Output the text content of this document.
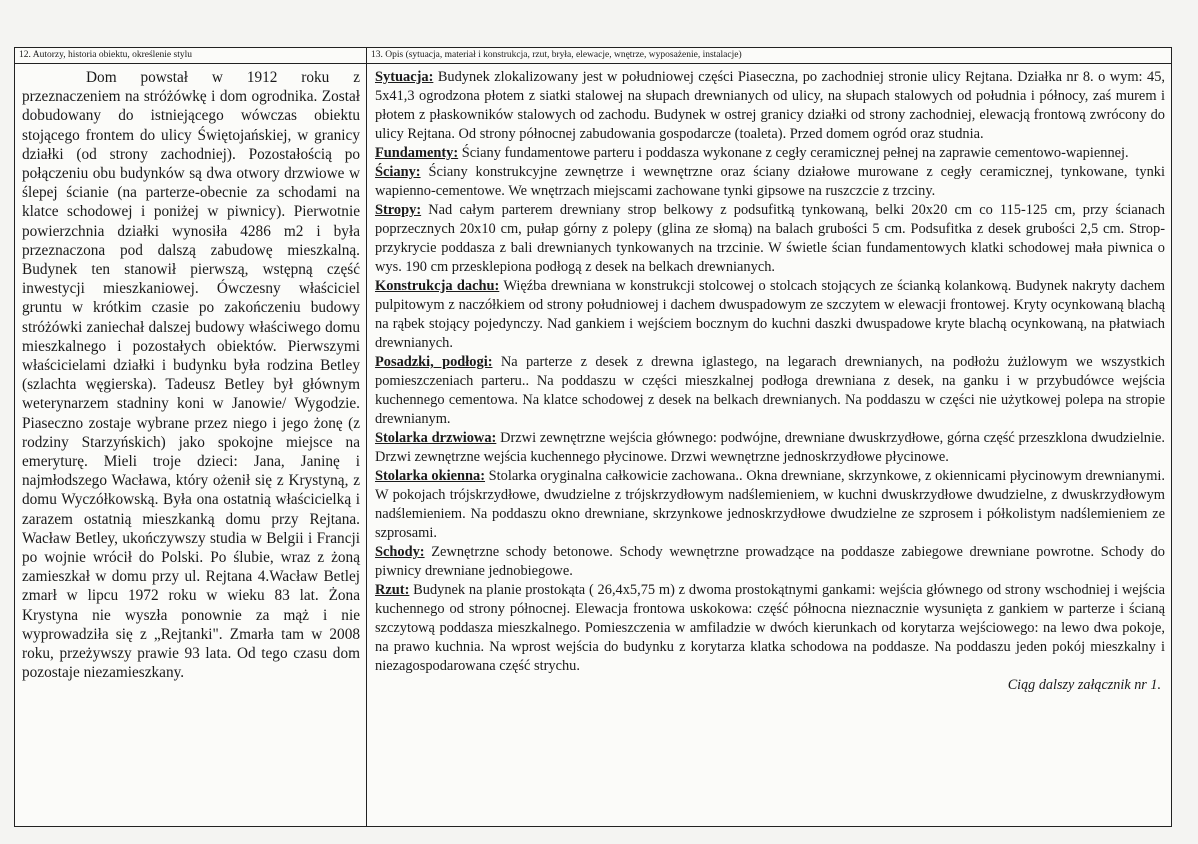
12. Autorzy, historia obiektu, określenie stylu
Dom powstał w 1912 roku z przeznaczeniem na stróżówkę i dom ogrodnika. Został dobudowany do istniejącego wówczas obiektu stojącego frontem do ulicy Świętojańskiej, w granicy działki (od strony zachodniej). Pozostałością po połączeniu obu budynków są dwa otwory drzwiowe w ślepej ścianie (na parterze-obecnie za schodami na klatce schodowej i poniżej w piwnicy). Pierwotnie powierzchnia działki wynosiła 4286 m2 i była przeznaczona pod dalszą zabudowę mieszkalną. Budynek ten stanowił pierwszą, wstępną część inwestycji mieszkaniowej. Ówczesny właściciel gruntu w krótkim czasie po zakończeniu budowy stróżówki zaniechał dalszej budowy właściwego domu mieszkalnego i pozostałych obiektów. Pierwszymi właścicielami działki i budynku była rodzina Betley (szlachta węgierska). Tadeusz Betley był głównym weterynarzem stadniny koni w Janowie/ Wygodzie. Piaseczno zostaje wybrane przez niego i jego żonę (z rodziny Starzyńskich) jako spokojne miejsce na emeryturę. Mieli troje dzieci: Jana, Janinę i najmłodszego Wacława, który ożenił się z Krystyną, z domu Wyczółkowską. Była ona ostatnią właścicielką i zarazem ostatnią mieszkanką domu przy Rejtana. Wacław Betley, ukończywszy studia w Belgii i Francji po wojnie wrócił do Polski. Po ślubie, wraz z żoną zamieszkał w domu przy ul. Rejtana 4.Wacław Betlej zmarł w lipcu 1972 roku w wieku 83 lat. Żona Krystyna nie wyszła ponownie za mąż i nie wyprowadziła się z „Rejtanki". Zmarła tam w 2008 roku, przeżywszy prawie 93 lata. Od tego czasu dom pozostaje niezamieszkany.
13. Opis (sytuacja, materiał i konstrukcja, rzut, bryła, elewacje, wnętrze, wyposażenie, instalacje)

Sytuacja: Budynek zlokalizowany jest w południowej części Piaseczna, po zachodniej stronie ulicy Rejtana. Działka nr 8. o wym: 45, 5x41,3 ogrodzona płotem z siatki stalowej na słupach drewnianych od ulicy, na słupach stalowych od południa i północy, zaś murem i płotem z płaskowników stalowych od zachodu. Budynek w ostrej granicy działki od strony zachodniej, elewacją frontową zwrócony do ulicy Rejtana. Od strony północnej zabudowania gospodarcze (toaleta). Przed domem ogród oraz studnia.

Fundamenty: Ściany fundamentowe parteru i poddasza wykonane z cegły ceramicznej pełnej na zaprawie cementowo-wapiennej.

Ściany: Ściany konstrukcyjne zewnętrze i wewnętrzne oraz ściany działowe murowane z cegły ceramicznej, tynkowane, tynki wapienno-cementowe. We wnętrzach miejscami zachowane tynki gipsowe na ruszczcie z trzciny.

Stropy: Nad całym parterem drewniany strop belkowy z podsufitką tynkowaną, belki 20x20 cm co 115-125 cm, przy ścianach poprzecznych 20x10 cm, pułap górny z polepy (glina ze słomą) na balach grubości 5 cm. Podsufitka z desek grubości 2,5 cm. Strop-przykrycie poddasza z bali drewnianych tynkowanych na trzcinie. W świetle ścian fundamentowych klatki schodowej mała piwnica o wys. 190 cm przesklepiona podłogą z desek na belkach drewnianych.

Konstrukcja dachu: Więźba drewniana w konstrukcji stolcowej o stolcach stojących ze ścianką kolankową. Budynek nakryty dachem pulpitowym z naczółkiem od strony południowej i dachem dwuspadowym ze szczytem w elewacji frontowej. Kryty ocynkowaną blachą na rąbek stojący pojedynczy. Nad gankiem i wejściem bocznym do kuchni daszki dwuspadowe kryte blachą ocynkowaną, na płatwiach drewnianych.

Posadzki, podłogi: Na parterze z desek z drewna iglastego, na legarach drewnianych, na podłożu żużlowym we wszystkich pomieszczeniach parteru.. Na poddaszu w części mieszkalnej podłoga drewniana z desek, na ganku i w przybudówce wejścia kuchennego cementowa. Na klatce schodowej z desek na belkach drewnianych. Na poddaszu w części nie użytkowej polepa na stropie drewnianym.

Stolarka drzwiowa: Drzwi zewnętrzne wejścia głównego: podwójne, drewniane dwuskrzydłowe, górna część przeszklona dwudzielnie. Drzwi zewnętrzne wejścia kuchennego płycinowe. Drzwi wewnętrzne jednoskrzydłowe płycinowe.

Stolarka okienna: Stolarka oryginalna całkowicie zachowana.. Okna drewniane, skrzynkowe, z okiennicami płycinowym drewnianymi. W pokojach trójskrzydłowe, dwudzielne z trójskrzydłowym nadślemieniem, w kuchni dwuskrzydłowe dwudzielne, z dwuskrzydłowym nadślemieniem. Na poddaszu okno drewniane, skrzynkowe jednoskrzydłowe dwudzielne ze szprosem i półkolistym nadślemieniem ze szprosami.

Schody: Zewnętrzne schody betonowe. Schody wewnętrzne prowadzące na poddasze zabiegowe drewniane powrotne. Schody do piwnicy drewniane jednobiegowe.

Rzut: Budynek na planie prostokąta ( 26,4x5,75 m) z dwoma prostokątnymi gankami: wejścia głównego od strony wschodniej i wejścia kuchennego od strony północnej. Elewacja frontowa uskokowa: część północna nieznacznie wysunięta z gankiem w parterze i ścianą szczytową poddasza mieszkalnego. Pomieszczenia w amfiladzie w dwóch kierunkach od korytarza wejściowego: na lewo dwa pokoje, na prawo kuchnia. Na wprost wejścia do budynku z korytarza klatka schodowa na poddasze. Na poddaszu jeden pokój mieszkalny i niezagospodarowana część strychu.

Ciąg dalszy załącznik nr 1.
